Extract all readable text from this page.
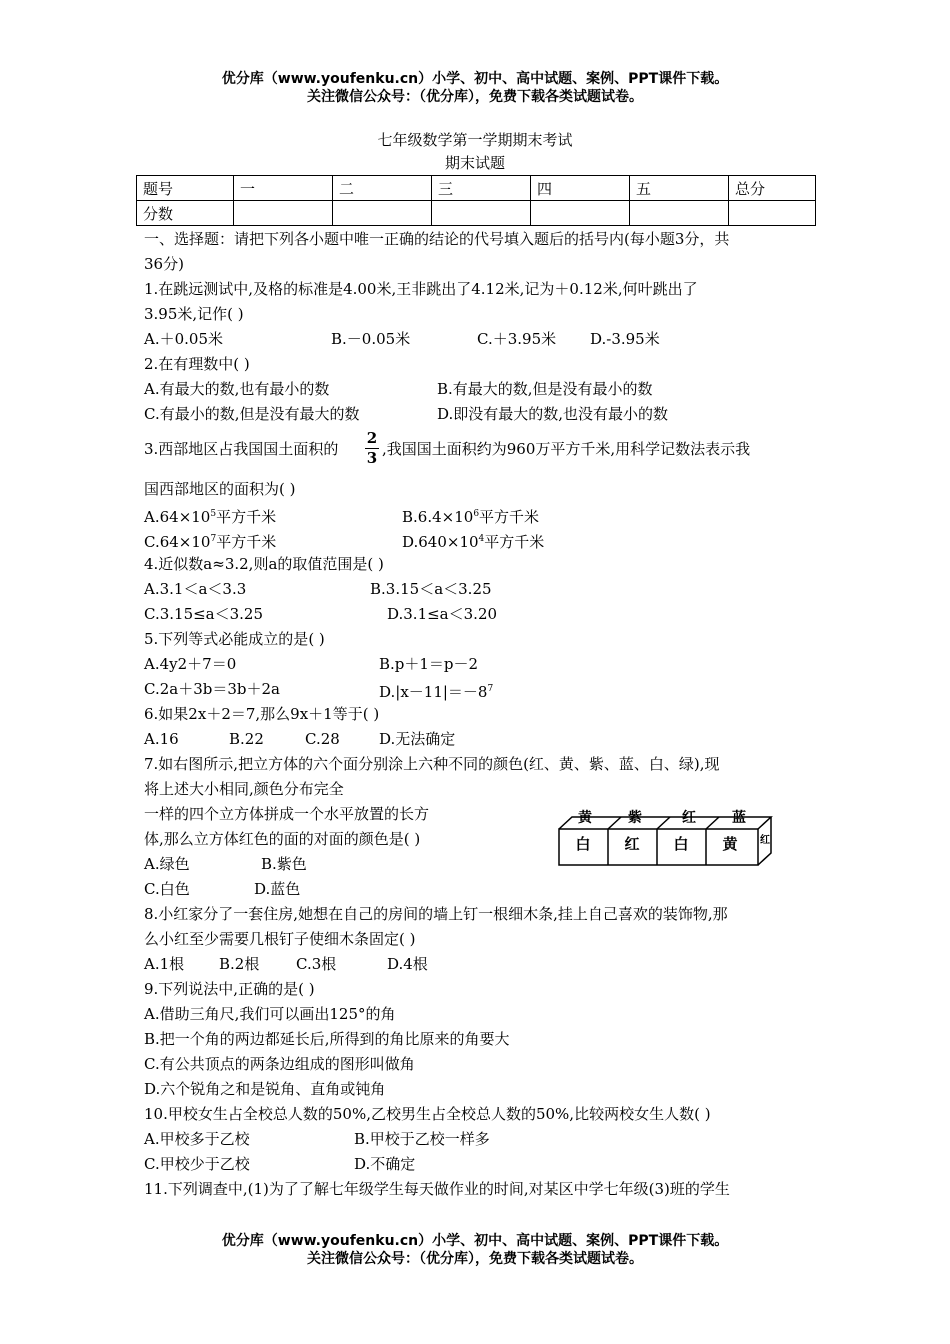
优分库（www.youfenku.cn）小学、初中、高中试题、案例、PPT课件下载。
关注微信公众号：（优分库），免费下载各类试题试卷。
七年级数学第一学期期末考试
期末试题
题号	一	二	三	四	五	总分
分数						
一、选择题：请把下列各小题中唯一正确的结论的代号填入题后的括号内(每小题3分，共
36分)
1.在跳远测试中,及格的标准是4.00米,王非跳出了4.12米,记为＋0.12米,何叶跳出了
3.95米,记作( )
A.＋0.05米	B.－0.05米	C.＋3.95米 D.-3.95米
2.在有理数中( )
A.有最大的数,也有最小的数	B.有最大的数,但是没有最小的数
C.有最小的数,但是没有最大的数	D.即没有最大的数,也没有最小的数
3.西部地区占我国国土面积的
2
3 ,我国国土面积约为960万平方千米,用科学记数法表示我
国西部地区的面积为( )
$A.64\times 10^5$平方千米	$B.6.4\times 10^6$平方千米
$C.64\times 10^7$平方千米	$D.640\times 10^4$平方千米
4.近似数a≈3.2,则a的取值范围是( )
A.3.1＜a＜3.3	B.3.15＜a＜3.25
C.3.15≤a＜3.25	D.3.1≤a＜3.20
5.下列等式必能成立的是( )
A.4y2＋7＝0	B.p＋1＝p－2
C.2a＋3b＝3b＋2a	$D.|x-11|=-8^7$
6.如果2x＋2＝7,那么9x＋1等于( )
A.16	B.22	C.28	D.无法确定
7.如右图所示,把立方体的六个面分别涂上六种不同的颜色(红、黄、紫、蓝、白、绿),现
将上述大小相同,颜色分布完全
一样的四个立方体拼成一个水平放置的长方
体,那么立方体红色的面的对面的颜色是( )
A.绿色	B.紫色
C.白色	D.蓝色
黄	紫	红	蓝
白	红	白	黄	红
8.小红家分了一套住房,她想在自己的房间的墙上钉一根细木条,挂上自己喜欢的装饰物,那
么小红至少需要几根钉子使细木条固定( )
A.1根 B.2根 C.3根	D.4根
9.下列说法中,正确的是( )
A.借助三角尺,我们可以画出125°的角
B.把一个角的两边都延长后,所得到的角比原来的角要大
C.有公共顶点的两条边组成的图形叫做角
D.六个锐角之和是锐角、直角或钝角
10.甲校女生占全校总人数的50%,乙校男生占全校总人数的50%,比较两校女生人数( )
A.甲校多于乙校	B.甲校于乙校一样多
C.甲校少于乙校	D.不确定
11.下列调查中,(1)为了了解七年级学生每天做作业的时间,对某区中学七年级(3)班的学生
优分库（www.youfenku.cn）小学、初中、高中试题、案例、PPT课件下载。
关注微信公众号：（优分库），免费下载各类试题试卷。
